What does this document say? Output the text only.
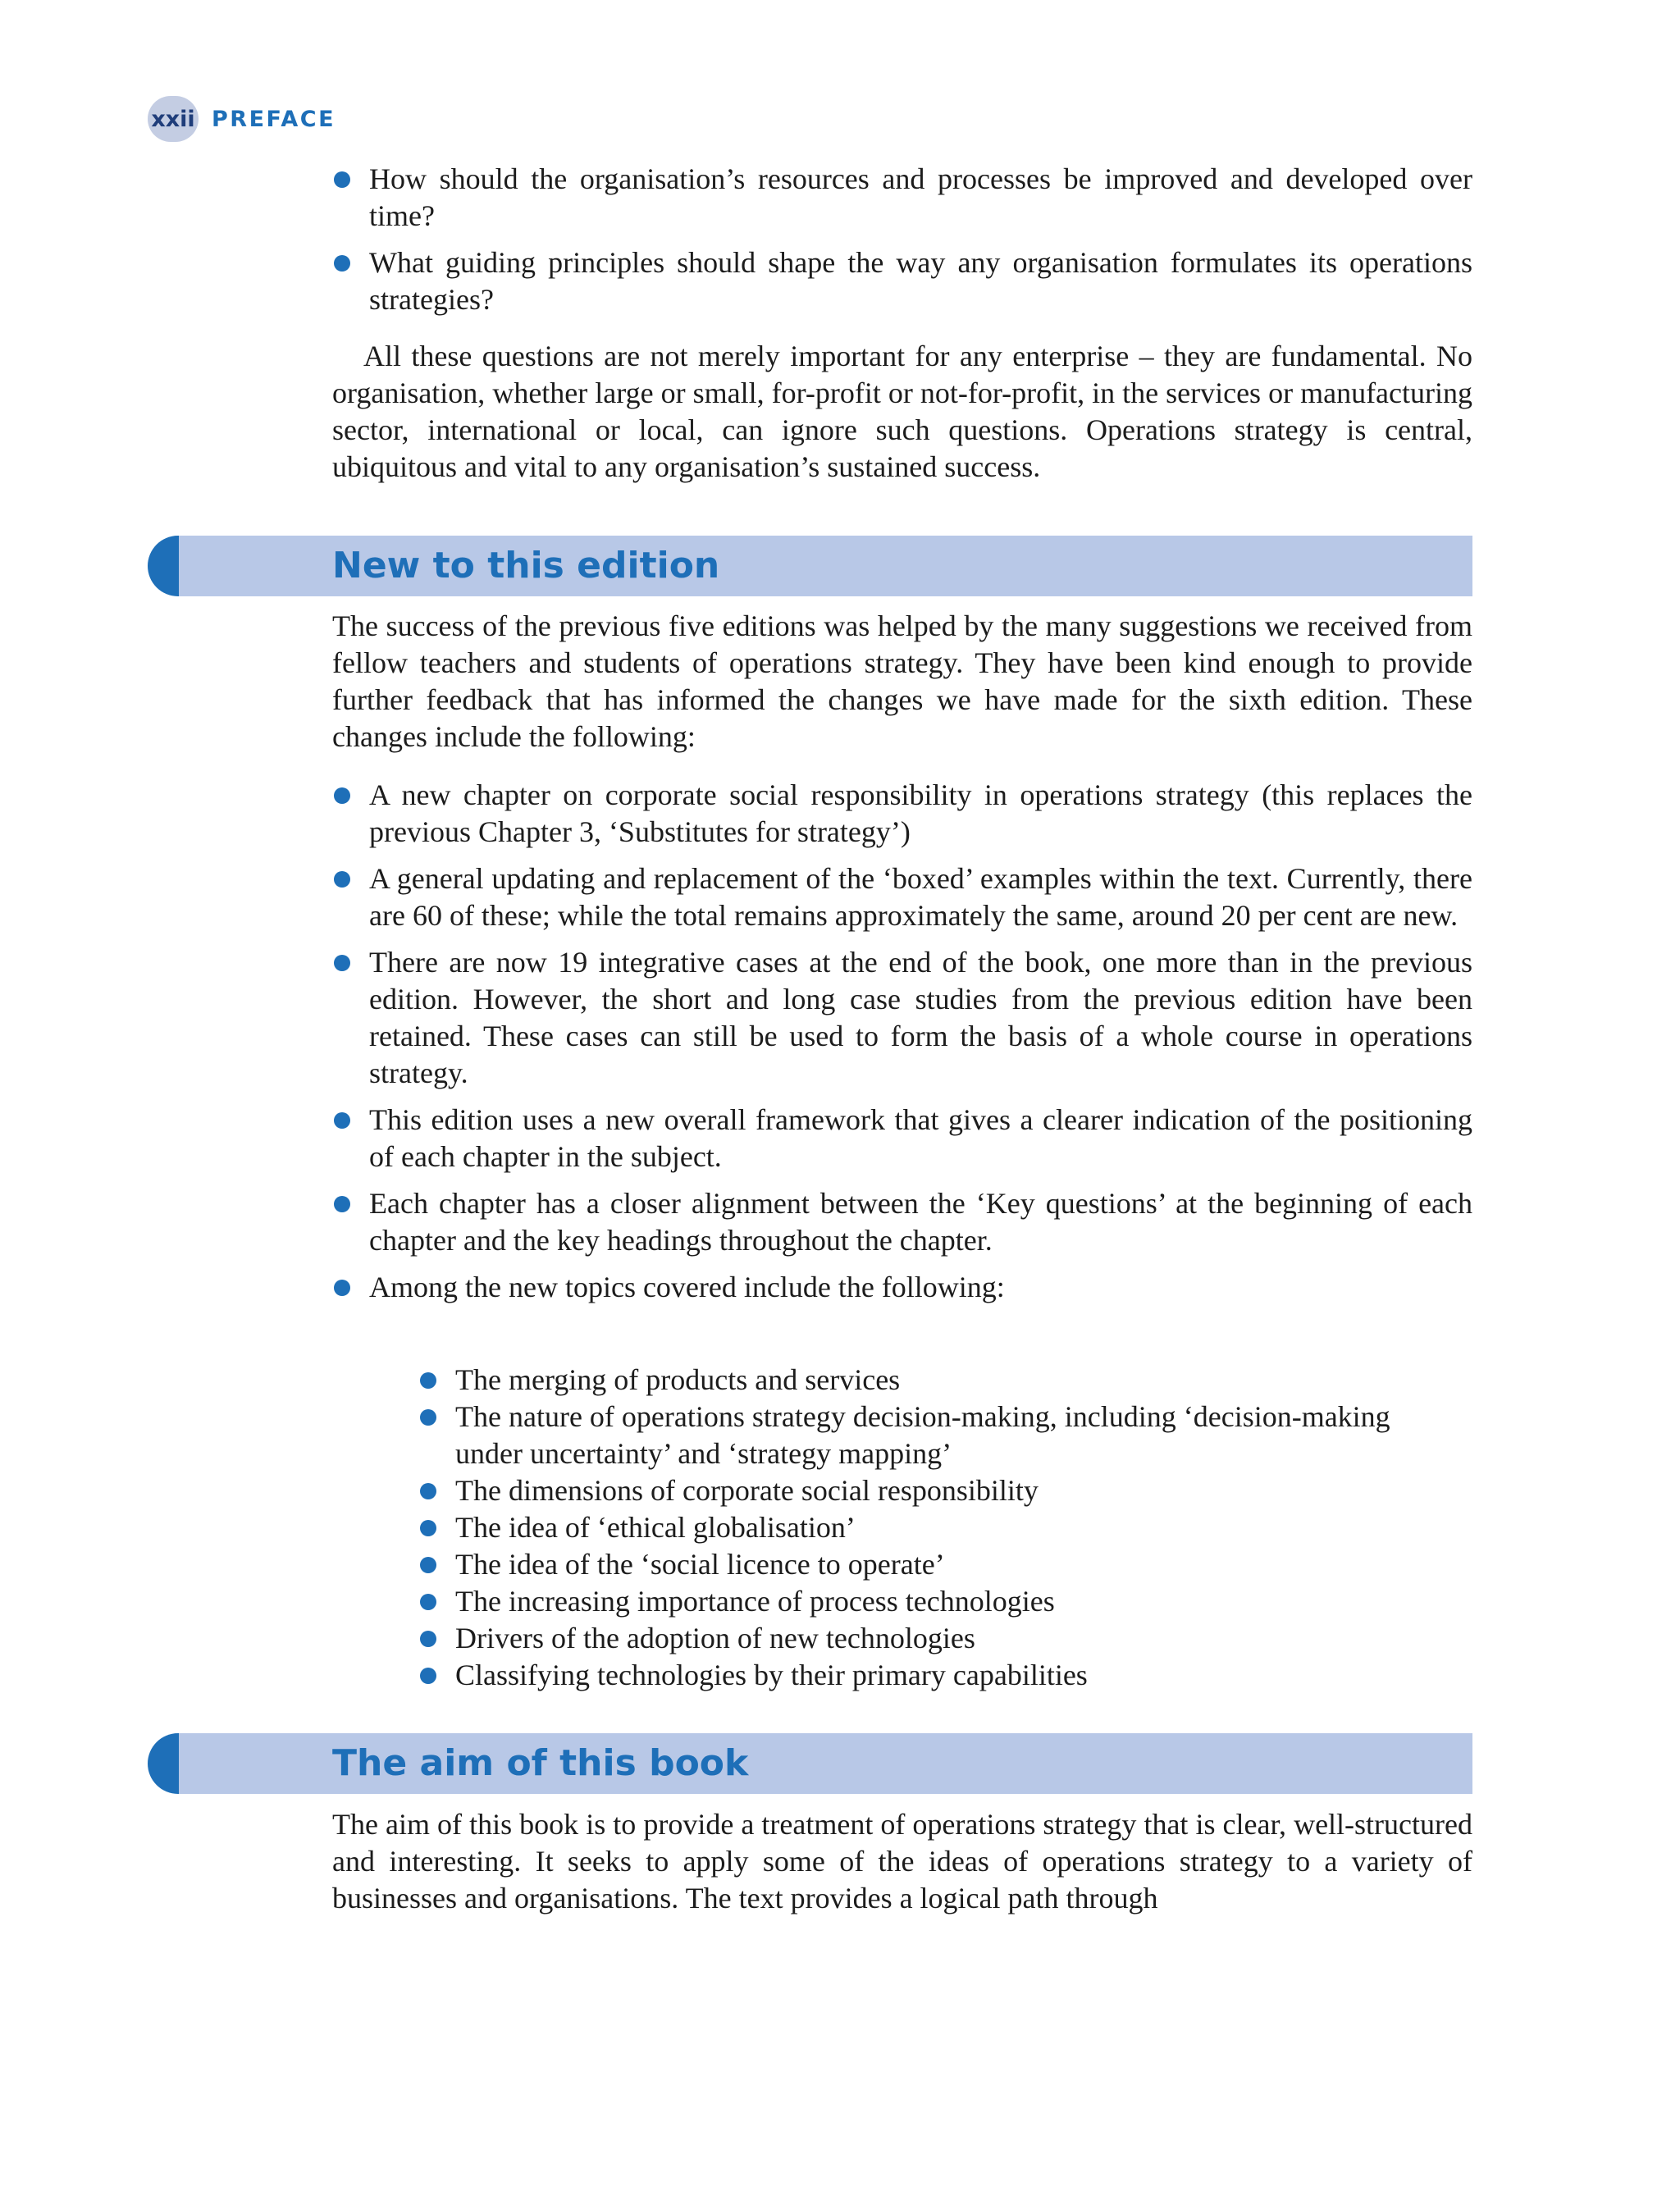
xxii PREFACE
How should the organisation’s resources and processes be improved and developed over time?
What guiding principles should shape the way any organisation formulates its operations strategies?

All these questions are not merely important for any enterprise – they are fundamental. No organisation, whether large or small, for-profit or not-for-profit, in the services or manufacturing sector, international or local, can ignore such questions. Operations strategy is central, ubiquitous and vital to any organisation’s sustained success.

New to this edition

The success of the previous five editions was helped by the many suggestions we received from fellow teachers and students of operations strategy. They have been kind enough to provide further feedback that has informed the changes we have made for the sixth edition. These changes include the following:

A new chapter on corporate social responsibility in operations strategy (this replaces the previous Chapter 3, ‘Substitutes for strategy’)
A general updating and replacement of the ‘boxed’ examples within the text. Currently, there are 60 of these; while the total remains approximately the same, around 20 per cent are new.
There are now 19 integrative cases at the end of the book, one more than in the previous edition. However, the short and long case studies from the previous edition have been retained. These cases can still be used to form the basis of a whole course in operations strategy.
This edition uses a new overall framework that gives a clearer indication of the positioning of each chapter in the subject.
Each chapter has a closer alignment between the ‘Key questions’ at the beginning of each chapter and the key headings throughout the chapter.
Among the new topics covered include the following:
The merging of products and services
The nature of operations strategy decision-making, including ‘decision-making under uncertainty’ and ‘strategy mapping’
The dimensions of corporate social responsibility
The idea of ‘ethical globalisation’
The idea of the ‘social licence to operate’
The increasing importance of process technologies
Drivers of the adoption of new technologies
Classifying technologies by their primary capabilities
The aim of this book

The aim of this book is to provide a treatment of operations strategy that is clear, well-structured and interesting. It seeks to apply some of the ideas of operations strategy to a variety of businesses and organisations. The text provides a logical path through
